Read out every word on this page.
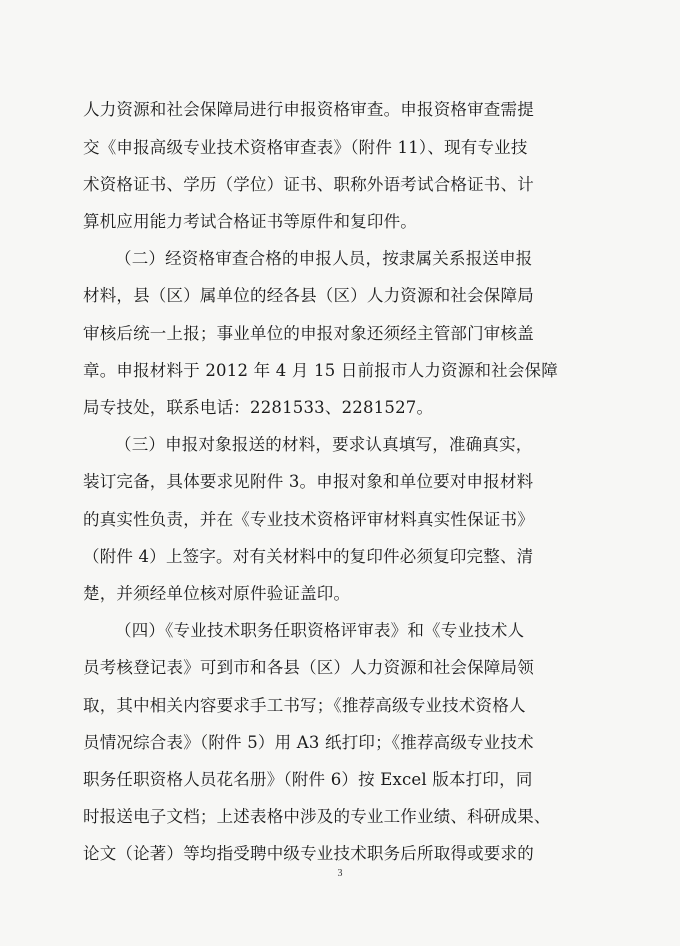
人力资源和社会保障局进行申报资格审查。申报资格审查需提
交《申报高级专业技术资格审查表》（附件 11）、现有专业技
术资格证书、学历（学位）证书、职称外语考试合格证书、计
算机应用能力考试合格证书等原件和复印件。
（二）经资格审查合格的申报人员，按隶属关系报送申报
材料，县（区）属单位的经各县（区）人力资源和社会保障局
审核后统一上报；事业单位的申报对象还须经主管部门审核盖
章。申报材料于 2012 年 4 月 15 日前报市人力资源和社会保障
局专技处，联系电话：2281533、2281527。
（三）申报对象报送的材料，要求认真填写，准确真实，
装订完备，具体要求见附件 3。申报对象和单位要对申报材料
的真实性负责，并在《专业技术资格评审材料真实性保证书》
（附件 4）上签字。对有关材料中的复印件必须复印完整、清
楚，并须经单位核对原件验证盖印。
（四）《专业技术职务任职资格评审表》和《专业技术人
员考核登记表》可到市和各县（区）人力资源和社会保障局领
取，其中相关内容要求手工书写；《推荐高级专业技术资格人
员情况综合表》（附件 5）用 A3 纸打印；《推荐高级专业技术
职务任职资格人员花名册》（附件 6）按 Excel 版本打印，同
时报送电子文档；上述表格中涉及的专业工作业绩、科研成果、
论文（论著）等均指受聘中级专业技术职务后所取得或要求的
3
